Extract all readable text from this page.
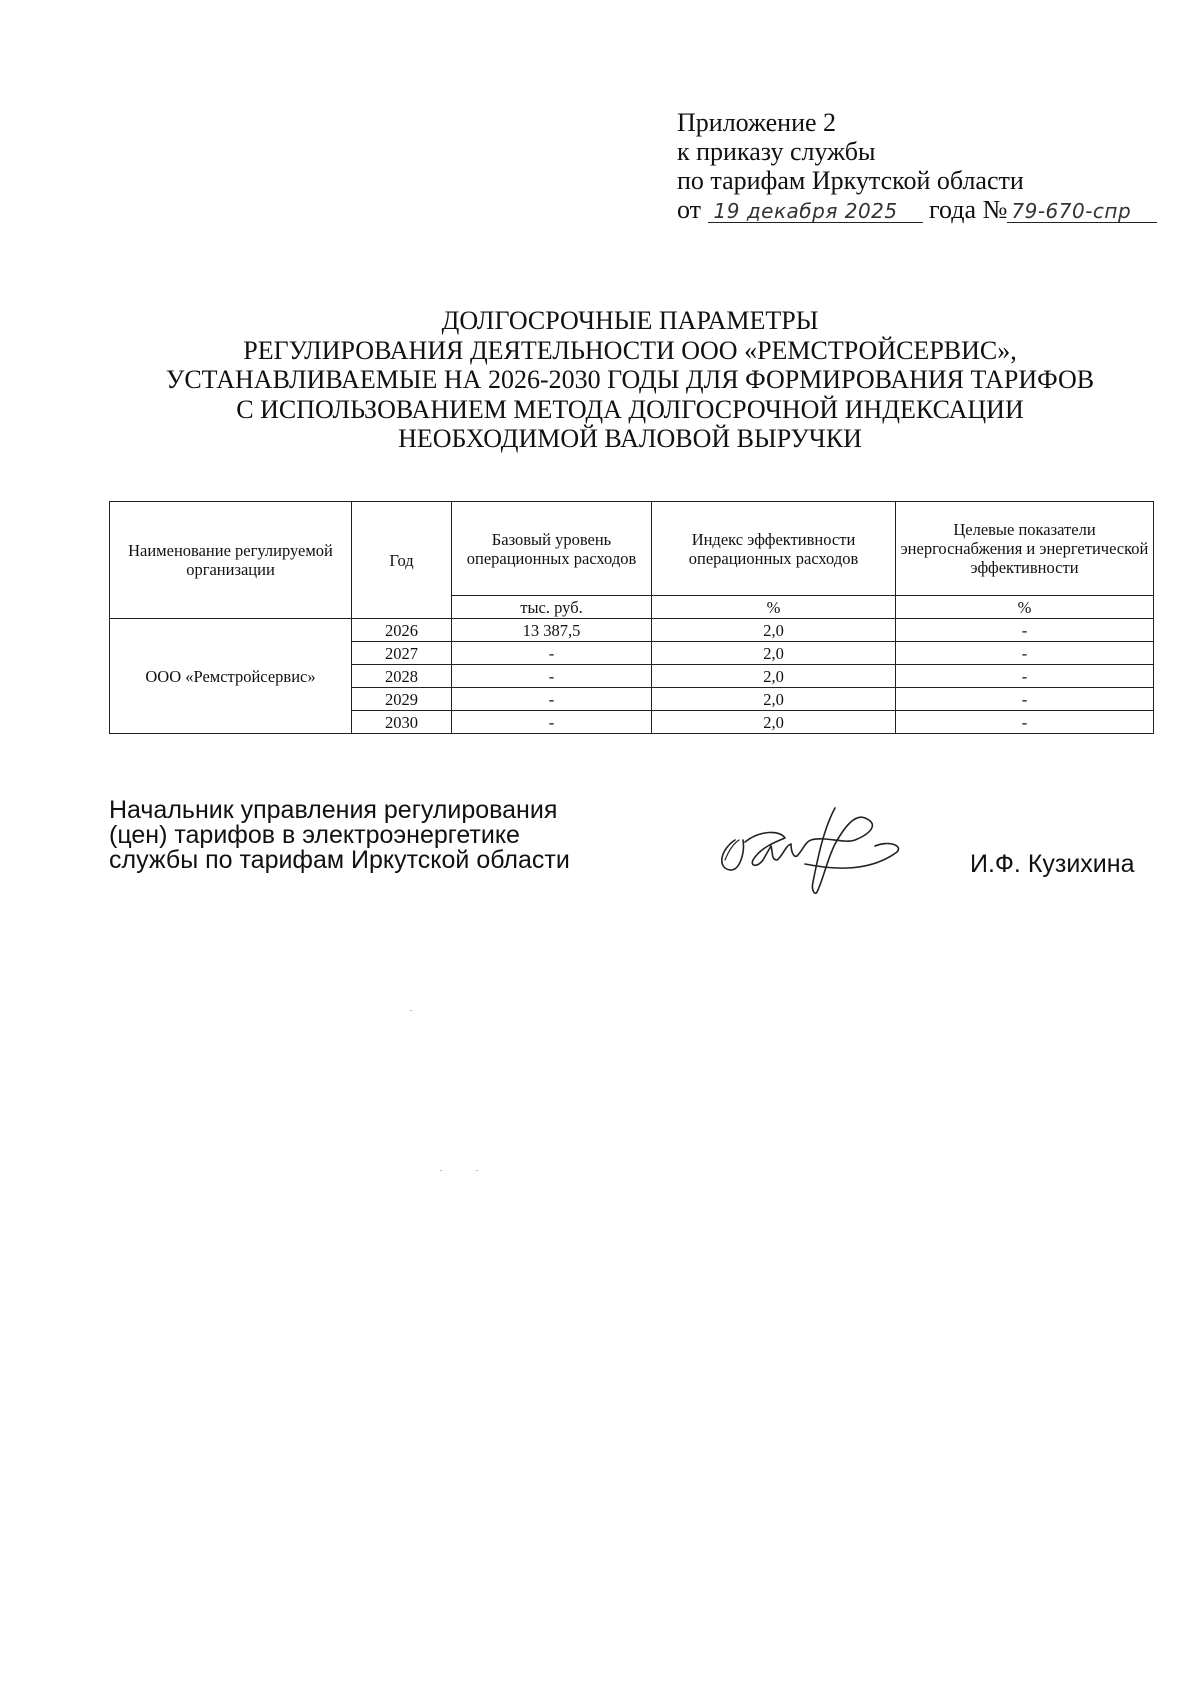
Приложение 2
к приказу службы
по тарифам Иркутской области
от 19 декабря 2025 года № 79-670-спр
ДОЛГОСРОЧНЫЕ ПАРАМЕТРЫ
РЕГУЛИРОВАНИЯ ДЕЯТЕЛЬНОСТИ ООО «РЕМСТРОЙСЕРВИС»,
УСТАНАВЛИВАЕМЫЕ НА 2026-2030 ГОДЫ ДЛЯ ФОРМИРОВАНИЯ ТАРИФОВ
С ИСПОЛЬЗОВАНИЕМ МЕТОДА ДОЛГОСРОЧНОЙ ИНДЕКСАЦИИ
НЕОБХОДИМОЙ ВАЛОВОЙ ВЫРУЧКИ
Наименование регулируемой организации	Год	Базовый уровень операционных расходов	Индекс эффективности операционных расходов	Целевые показатели энергоснабжения и энергетической эффективности
		тыс. руб.	%	%
ООО «Ремстройсервис»	2026	13 387,5	2,0	-
	2027	-	2,0	-
	2028	-	2,0	-
	2029	-	2,0	-
	2030	-	2,0	-
Начальник управления регулирования
(цен) тарифов в электроэнергетике
службы по тарифам Иркутской области	И.Ф. Кузихина
